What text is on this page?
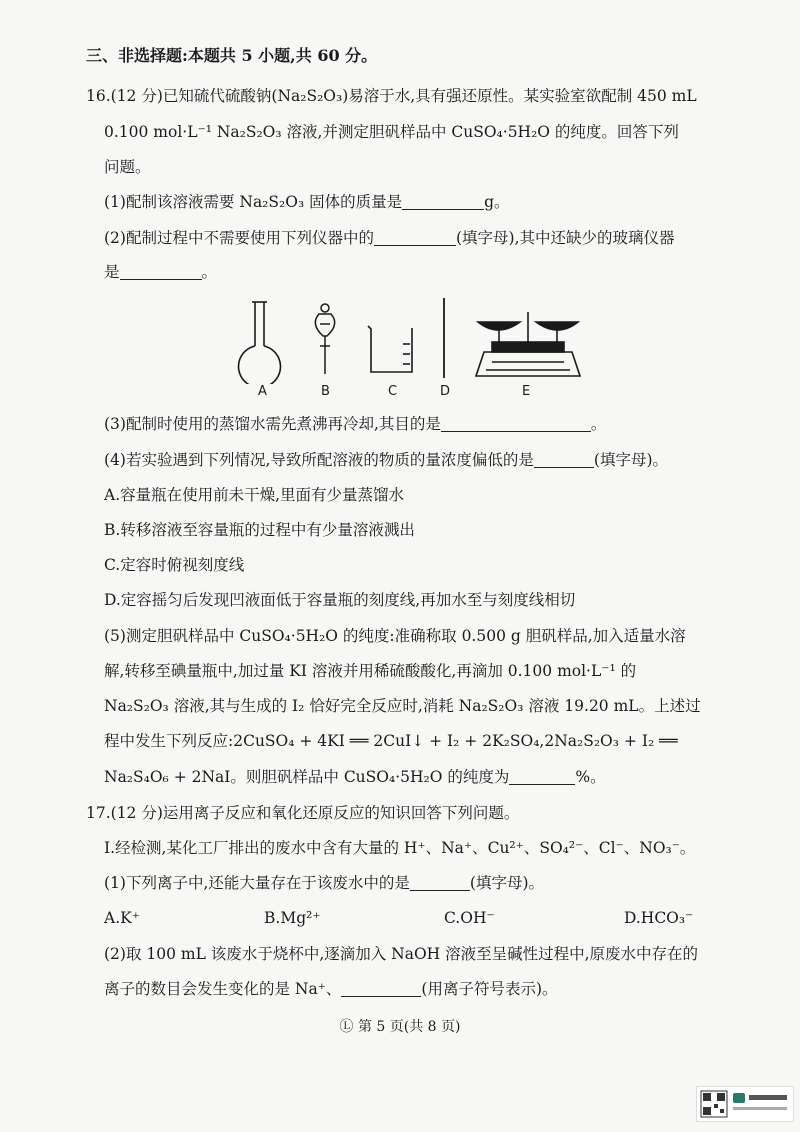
三、非选择题:本题共 5 小题,共 60 分。
16.(12 分)已知硫代硫酸钠(Na₂S₂O₃)易溶于水,具有强还原性。某实验室欲配制 450 mL
0.100 mol·L⁻¹ Na₂S₂O₃ 溶液,并测定胆矾样品中 CuSO₄·5H₂O 的纯度。回答下列
问题。
(1)配制该溶液需要 Na₂S₂O₃ 固体的质量是	g。
(2)配制过程中不需要使用下列仪器中的	(填字母),其中还缺少的玻璃仪器
是	。
A	B	C	D	E
(3)配制时使用的蒸馏水需先煮沸再冷却,其目的是	。
(4)若实验遇到下列情况,导致所配溶液的物质的量浓度偏低的是	(填字母)。
A.容量瓶在使用前未干燥,里面有少量蒸馏水
B.转移溶液至容量瓶的过程中有少量溶液溅出
C.定容时俯视刻度线
D.定容摇匀后发现凹液面低于容量瓶的刻度线,再加水至与刻度线相切
(5)测定胆矾样品中 CuSO₄·5H₂O 的纯度:准确称取 0.500 g 胆矾样品,加入适量水溶
解,转移至碘量瓶中,加过量 KI 溶液并用稀硫酸酸化,再滴加 0.100 mol·L⁻¹ 的
Na₂S₂O₃ 溶液,其与生成的 I₂ 恰好完全反应时,消耗 Na₂S₂O₃ 溶液 19.20 mL。上述过
程中发生下列反应:2CuSO₄ + 4KI ══ 2CuI↓ + I₂ + 2K₂SO₄,2Na₂S₂O₃ + I₂ ══
Na₂S₄O₆ + 2NaI。则胆矾样品中 CuSO₄·5H₂O 的纯度为	%。
17.(12 分)运用离子反应和氧化还原反应的知识回答下列问题。
Ⅰ.经检测,某化工厂排出的废水中含有大量的 H⁺、Na⁺、Cu²⁺、SO₄²⁻、Cl⁻、NO₃⁻。
(1)下列离子中,还能大量存在于该废水中的是	(填字母)。
A.K⁺	B.Mg²⁺	C.OH⁻	D.HCO₃⁻
(2)取 100 mL 该废水于烧杯中,逐滴加入 NaOH 溶液至呈碱性过程中,原废水中存在的
离子的数目会发生变化的是 Na⁺、	(用离子符号表示)。
Ⓛ 第 5 页(共 8 页)
